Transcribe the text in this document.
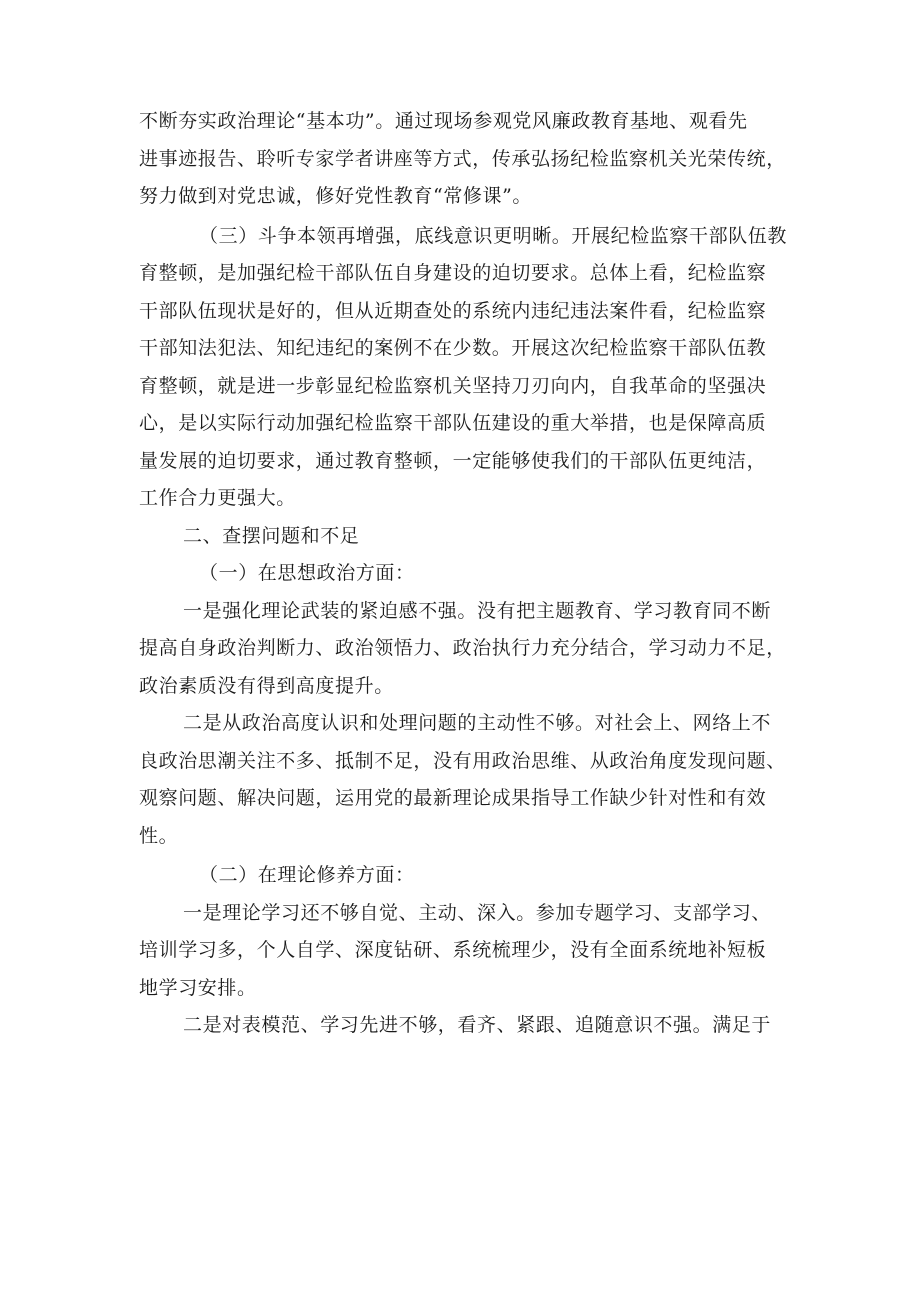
不断夯实政治理论“基本功”。通过现场参观党风廉政教育基地、观看先
进事迹报告、聆听专家学者讲座等方式，传承弘扬纪检监察机关光荣传统，
努力做到对党忠诚，修好党性教育“常修课”。
（三）斗争本领再增强，底线意识更明晰。开展纪检监察干部队伍教
育整顿，是加强纪检干部队伍自身建设的迫切要求。总体上看，纪检监察
干部队伍现状是好的，但从近期查处的系统内违纪违法案件看，纪检监察
干部知法犯法、知纪违纪的案例不在少数。开展这次纪检监察干部队伍教
育整顿，就是进一步彰显纪检监察机关坚持刀刃向内，自我革命的坚强决
心，是以实际行动加强纪检监察干部队伍建设的重大举措，也是保障高质
量发展的迫切要求，通过教育整顿，一定能够使我们的干部队伍更纯洁，
工作合力更强大。
二、查摆问题和不足
（一）在思想政治方面：
一是强化理论武装的紧迫感不强。没有把主题教育、学习教育同不断
提高自身政治判断力、政治领悟力、政治执行力充分结合，学习动力不足，
政治素质没有得到高度提升。
二是从政治高度认识和处理问题的主动性不够。对社会上、网络上不
良政治思潮关注不多、抵制不足，没有用政治思维、从政治角度发现问题、
观察问题、解决问题，运用党的最新理论成果指导工作缺少针对性和有效
性。
（二）在理论修养方面：
一是理论学习还不够自觉、主动、深入。参加专题学习、支部学习、
培训学习多，个人自学、深度钻研、系统梳理少，没有全面系统地补短板
地学习安排。
二是对表模范、学习先进不够，看齐、紧跟、追随意识不强。满足于
